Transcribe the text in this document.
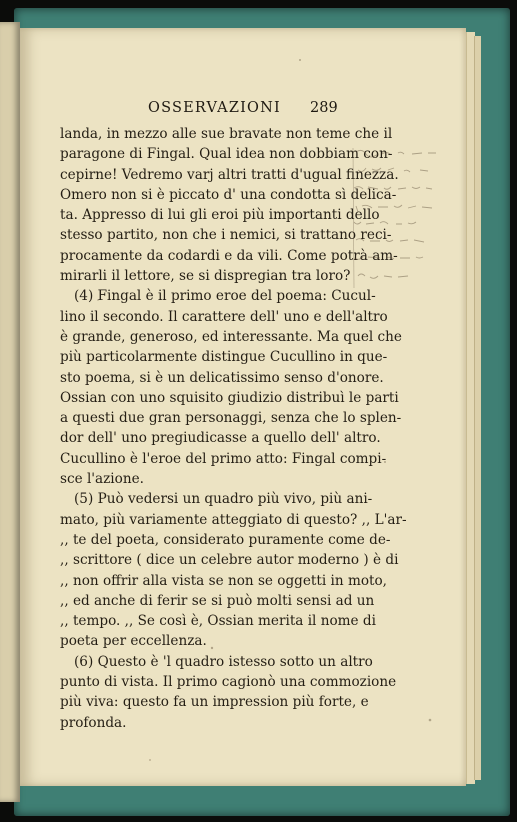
OSSERVAZIONI 289
landa, in mezzo alle sue bravate non teme che il
paragone di Fingal. Qual idea non dobbiam con-
cepirne! Vedremo varj altri tratti d'ugual finezza.
Omero non si è piccato d' una condotta sì delica-
ta. Appresso di lui gli eroi più importanti dello
stesso partito, non che i nemici, si trattano reci-
procamente da codardi e da vili. Come potrà am-
mirarli il lettore, se si dispregian tra loro?
(4) Fingal è il primo eroe del poema: Cucul-
lino il secondo. Il carattere dell' uno e dell'altro
è grande, generoso, ed interessante. Ma quel che
più particolarmente distingue Cucullino in que-
sto poema, si è un delicatissimo senso d'onore.
Ossian con uno squisito giudizio distribuì le parti
a questi due gran personaggi, senza che lo splen-
dor dell' uno pregiudicasse a quello dell' altro.
Cucullino è l'eroe del primo atto: Fingal compi-
sce l'azione.
(5) Può vedersi un quadro più vivo, più ani-
mato, più variamente atteggiato di questo? ,, L'ar-
,, te del poeta, considerato puramente come de-
,, scrittore ( dice un celebre autor moderno ) è di
,, non offrir alla vista se non se oggetti in moto,
,, ed anche di ferir se si può molti sensi ad un
,, tempo. ,, Se così è, Ossian merita il nome di
poeta per eccellenza.
(6) Questo è 'l quadro istesso sotto un altro
punto di vista. Il primo cagionò una commozione
più viva: questo fa un impression più forte, e
profonda.
